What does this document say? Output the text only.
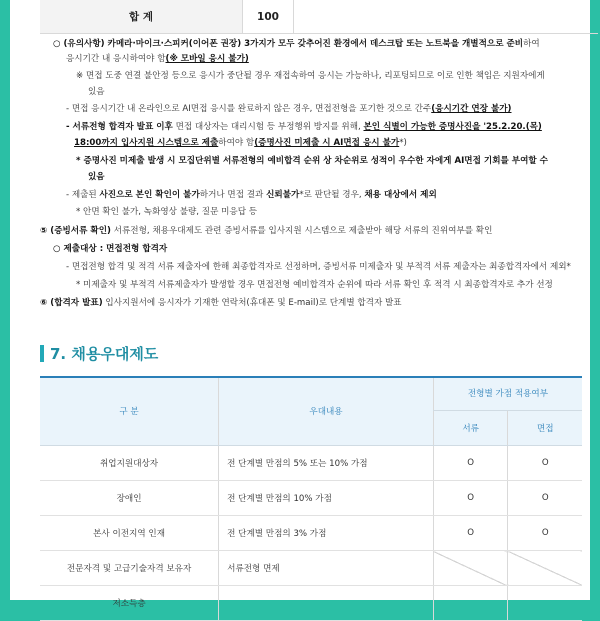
합 계	100	
○ (유의사항) 카메라·마이크·스피커(이어폰 권장) 3가지가 모두 갖추어진 환경에서 데스크탑 또는 노트북을 개별적으로 준비하여
응시기간 내 응시하여야 함(※ 모바일 응시 불가)
※ 면접 도중 연결 불안정 등으로 응시가 중단될 경우 재접속하여 응시는 가능하나, 리포팅되므로 이로 인한 책임은 지원자에게
있음
- 면접 응시기간 내 온라인으로 AI면접 응시를 완료하지 않은 경우, 면접전형을 포기한 것으로 간주(응시기간 연장 불가)
- 서류전형 합격자 발표 이후 면접 대상자는 대리시험 등 부정행위 방지를 위해, 본인 식별이 가능한 증명사진을 '25.2.20.(목)
18:00까지 입사지원 시스템으로 제출하여야 함(증명사진 미제출 시 AI면접 응시 불가*)
* 증명사진 미제출 발생 시 모집단위별 서류전형의 예비합격 순위 상 차순위로 성적이 우수한 자에게 AI면접 기회를 부여할 수
있음
- 제출된 사진으로 본인 확인이 불가하거나 면접 결과 신뢰불가*로 판단될 경우, 채용 대상에서 제외
* 안면 확인 불가, 녹화영상 불량, 질문 미응답 등
⑤ (증빙서류 확인) 서류전형, 채용우대제도 관련 증빙서류를 입사지원 시스템으로 제출받아 해당 서류의 진위여부를 확인
○ 제출대상 : 면접전형 합격자
- 면접전형 합격 및 적격 서류 제출자에 한해 최종합격자로 선정하며, 증빙서류 미제출자 및 부적격 서류 제출자는 최종합격자에서 제외*
* 미제출자 및 부적격 서류제출자가 발생할 경우 면접전형 예비합격자 순위에 따라 서류 확인 후 적격 시 최종합격자로 추가 선정
⑥ (합격자 발표) 입사지원서에 응시자가 기재한 연락처(휴대폰 및 E-mail)로 단계별 합격자 발표
7. 채용우대제도
구 분	우대내용	전형별 가점 적용여부	
		서류	면접
취업지원대상자	전 단계별 만점의 5% 또는 10% 가점	O	O
장애인	전 단계별 만점의 10% 가점	O	O
본사 이전지역 인재	전 단계별 만점의 3% 가점	O	O
전문자격 및 고급기술자격 보유자	서류전형 면제		
저소득층			
